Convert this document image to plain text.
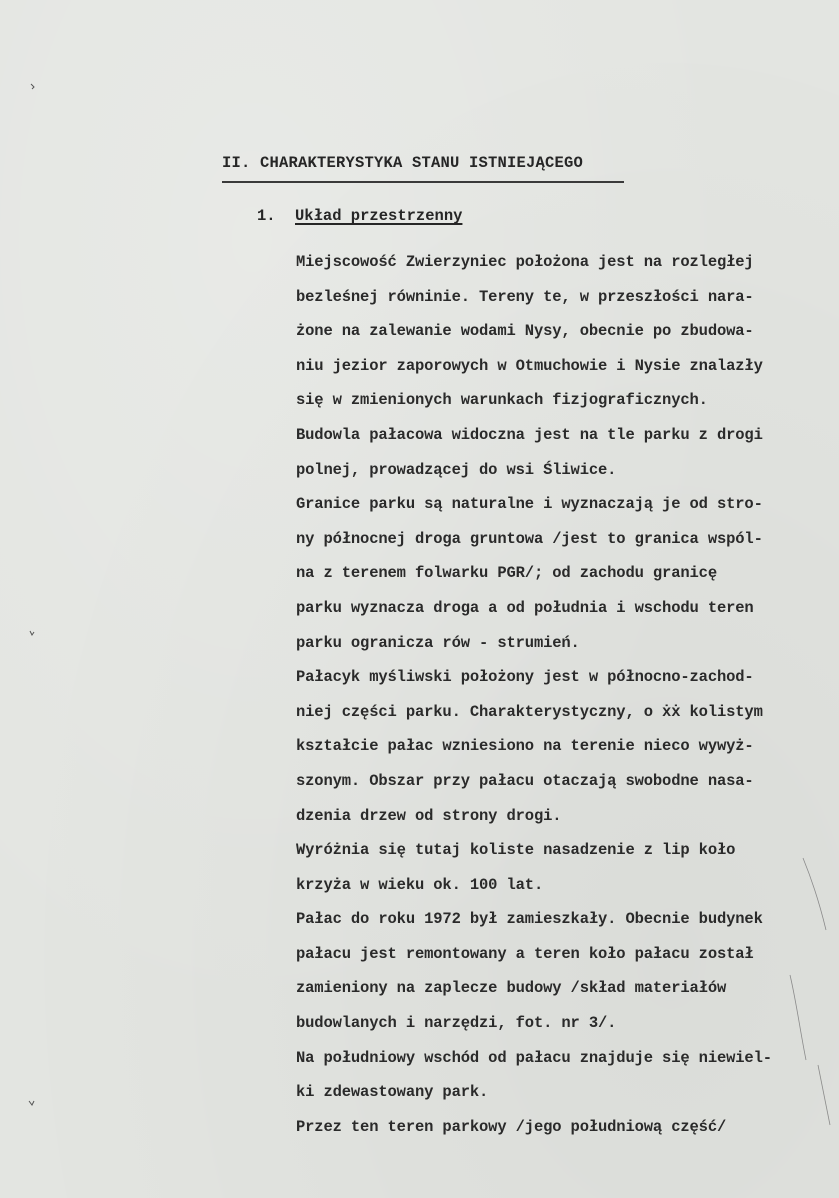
II. CHARAKTERYSTYKA STANU ISTNIEJĄCEGO
1. Układ przestrzenny
Miejscowość Zwierzyniec położona jest na rozległej
bezleśnej równinie. Tereny te, w przeszłości nara-
żone na zalewanie wodami Nysy, obecnie po zbudowa-
niu jezior zaporowych w Otmuchowie i Nysie znalazły
się w zmienionych warunkach fizjograficznych.
Budowla pałacowa widoczna jest na tle parku z drogi
polnej, prowadzącej do wsi Śliwice.
Granice parku są naturalne i wyznaczają je od stro-
ny północnej droga gruntowa /jest to granica wspól-
na z terenem folwarku PGR/; od zachodu granicę
parku wyznacza droga a od południa i wschodu teren
parku ogranicza rów - strumień.
Pałacyk myśliwski położony jest w północno-zachod-
niej części parku. Charakterystyczny, o ẋẋ kolistym
kształcie pałac wzniesiono na terenie nieco wywyż-
szonym. Obszar przy pałacu otaczają swobodne nasa-
dzenia drzew od strony drogi.
Wyróżnia się tutaj koliste nasadzenie z lip koło
krzyża w wieku ok. 100 lat.
Pałac do roku 1972 był zamieszkały. Obecnie budynek
pałacu jest remontowany a teren koło pałacu został
zamieniony na zaplecze budowy /skład materiałów
budowlanych i narzędzi, fot. nr 3/.
Na południowy wschód od pałacu znajduje się niewiel-
ki zdewastowany park.
Przez ten teren parkowy /jego południową część/
